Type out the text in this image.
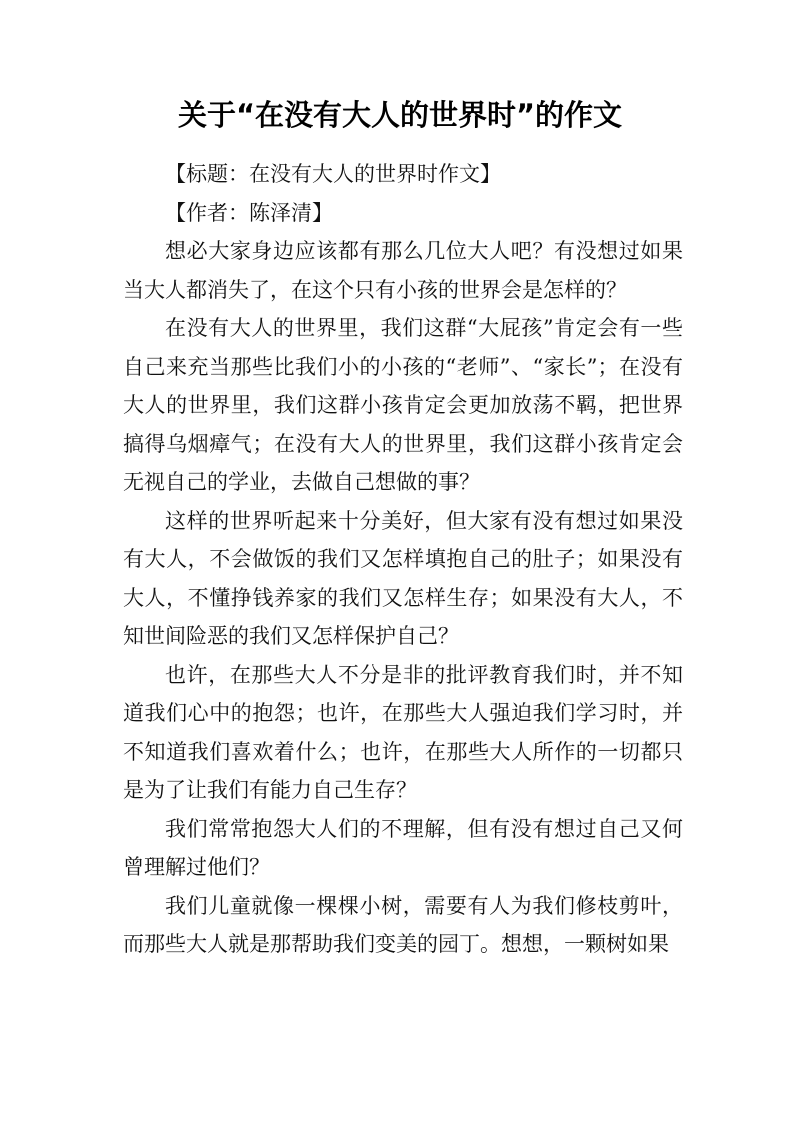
关于“在没有大人的世界时”的作文
【标题：在没有大人的世界时作文】
【作者：陈泽清】

想必大家身边应该都有那么几位大人吧？有没想过如果当大人都消失了，在这个只有小孩的世界会是怎样的？

在没有大人的世界里，我们这群“大屁孩”肯定会有一些自己来充当那些比我们小的小孩的“老师”、“家长”；在没有大人的世界里，我们这群小孩肯定会更加放荡不羁，把世界搞得乌烟瘴气；在没有大人的世界里，我们这群小孩肯定会无视自己的学业，去做自己想做的事？

这样的世界听起来十分美好，但大家有没有想过如果没有大人，不会做饭的我们又怎样填抱自己的肚子；如果没有大人，不懂挣钱养家的我们又怎样生存；如果没有大人，不知世间险恶的我们又怎样保护自己？

也许，在那些大人不分是非的批评教育我们时，并不知道我们心中的抱怨；也许，在那些大人强迫我们学习时，并不知道我们喜欢着什么；也许，在那些大人所作的一切都只是为了让我们有能力自己生存？

我们常常抱怨大人们的不理解，但有没有想过自己又何曾理解过他们？

我们儿童就像一棵棵小树，需要有人为我们修枝剪叶，而那些大人就是那帮助我们变美的园丁。想想，一颗树如果
